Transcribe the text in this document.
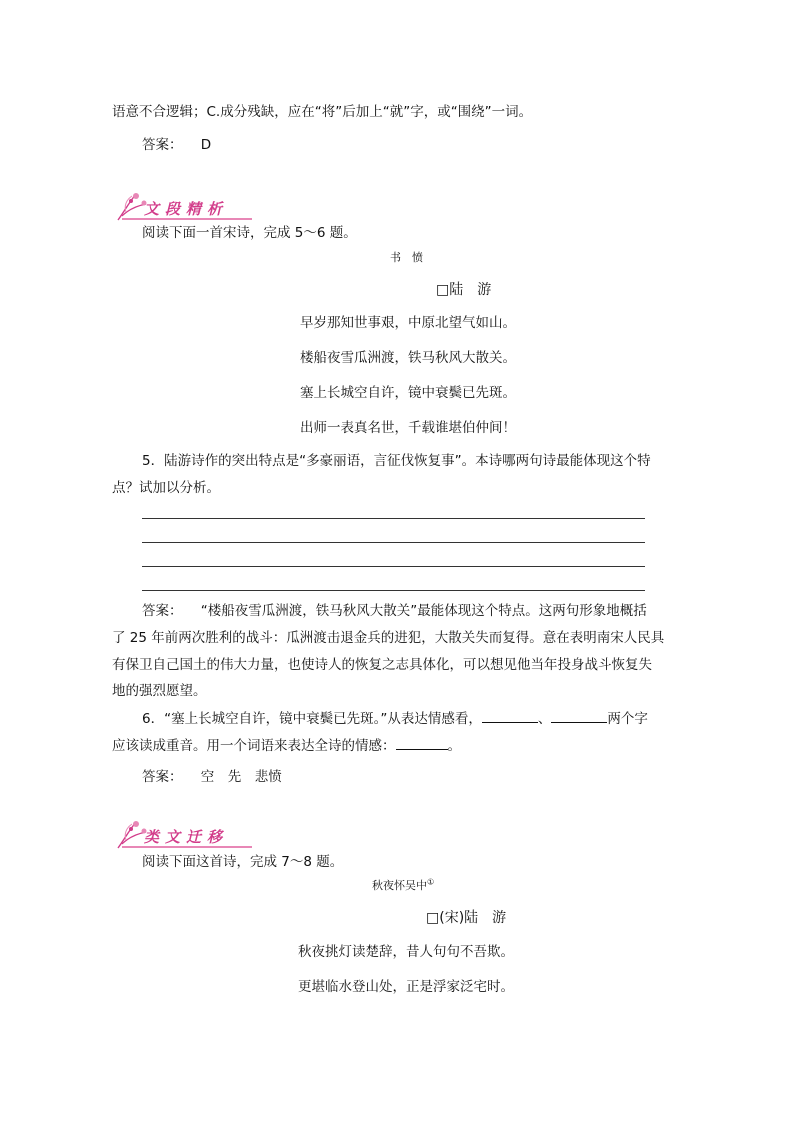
语意不合逻辑；C.成分残缺，应在“将”后加上“就”字，或“围绕”一词。
答案： D
文段精析
阅读下面一首宋诗，完成 5～6 题。
书　愤
□陆　游
早岁那知世事艰，中原北望气如山。
楼船夜雪瓜洲渡，铁马秋风大散关。
塞上长城空自许，镜中衰鬓已先斑。
出师一表真名世，千载谁堪伯仲间！
5．陆游诗作的突出特点是“多豪丽语，言征伐恢复事”。本诗哪两句诗最能体现这个特
点？试加以分析。
答案： “楼船夜雪瓜洲渡，铁马秋风大散关”最能体现这个特点。这两句形象地概括
了 25 年前两次胜利的战斗：瓜洲渡击退金兵的进犯，大散关失而复得。意在表明南宋人民具
有保卫自己国土的伟大力量，也使诗人的恢复之志具体化，可以想见他当年投身战斗恢复失
地的强烈愿望。
6．“塞上长城空自许，镜中衰鬓已先斑。”从表达情感看，	、	两个字
应该读成重音。用一个词语来表达全诗的情感：	。
答案： 空　先　悲愤
类文迁移
阅读下面这首诗，完成 7～8 题。
秋夜怀吴中①
□(宋)陆　游
秋夜挑灯读楚辞，昔人句句不吾欺。
更堪临水登山处，正是浮家泛宅时。
